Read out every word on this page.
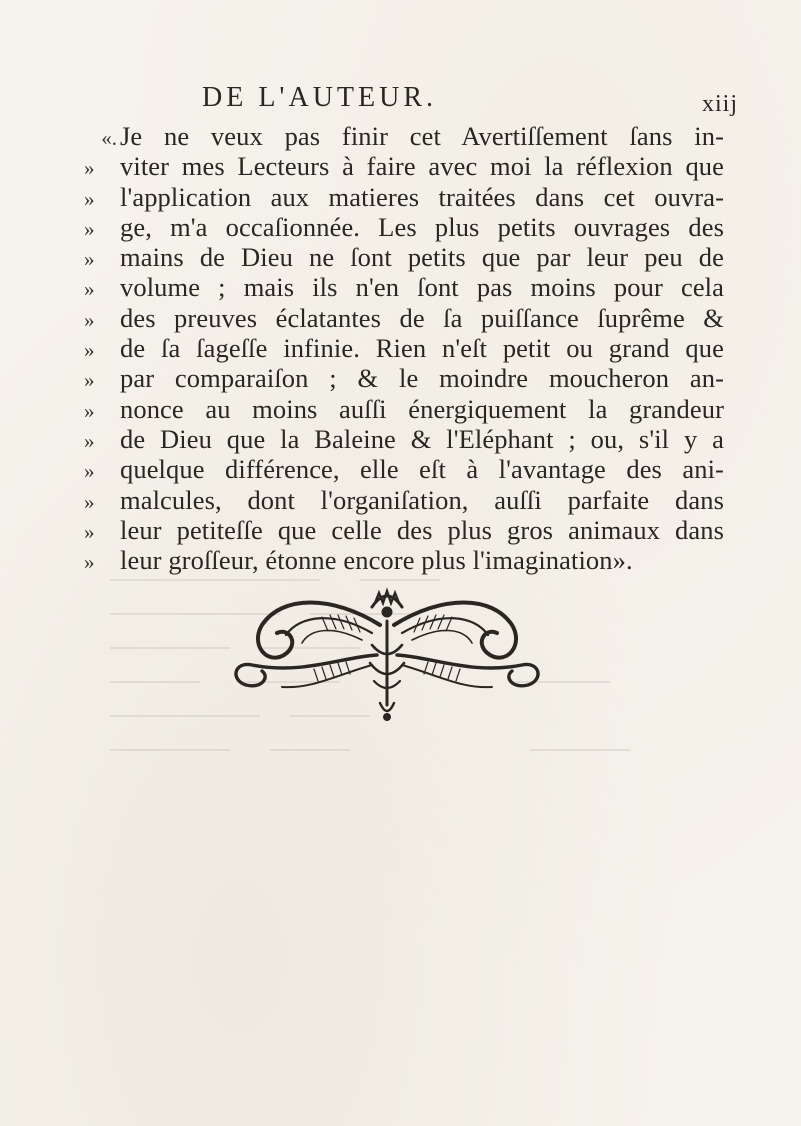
DE L'AUTEUR.	xiij
«. Je ne veux pas finir cet Avertiſſement ſans in-
» viter mes Lecteurs à faire avec moi la réflexion que
» l'application aux matieres traitées dans cet ouvra-
» ge, m'a occaſionnée. Les plus petits ouvrages des
» mains de Dieu ne ſont petits que par leur peu de
» volume ; mais ils n'en ſont pas moins pour cela
» des preuves éclatantes de ſa puiſſance ſuprême &
» de ſa ſageſſe infinie. Rien n'eſt petit ou grand que
» par comparaiſon ; & le moindre moucheron an-
» nonce au moins auſſi énergiquement la grandeur
» de Dieu que la Baleine & l'Eléphant ; ou, s'il y a
» quelque différence, elle eſt à l'avantage des ani-
» malcules, dont l'organiſation, auſſi parfaite dans
» leur petiteſſe que celle des plus gros animaux dans
» leur groſſeur, étonne encore plus l'imagination».
